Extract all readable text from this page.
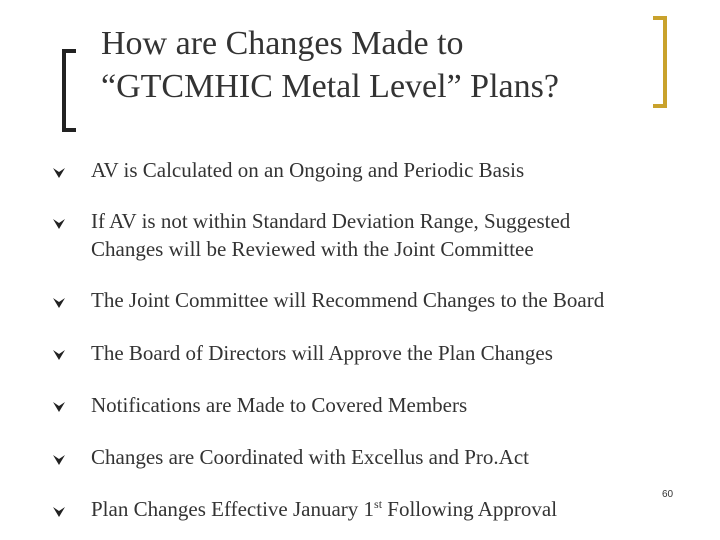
How are Changes Made to
“GTCMHIC Metal Level” Plans?
AV is Calculated on an Ongoing and Periodic Basis
If AV is not within Standard Deviation Range, Suggested
Changes will be Reviewed with the Joint Committee
The Joint Committee will Recommend Changes to the Board
The Board of Directors will Approve the Plan Changes
Notifications are Made to Covered Members
Changes are Coordinated with Excellus and Pro.Act
Plan Changes Effective January 1st Following Approval
60
